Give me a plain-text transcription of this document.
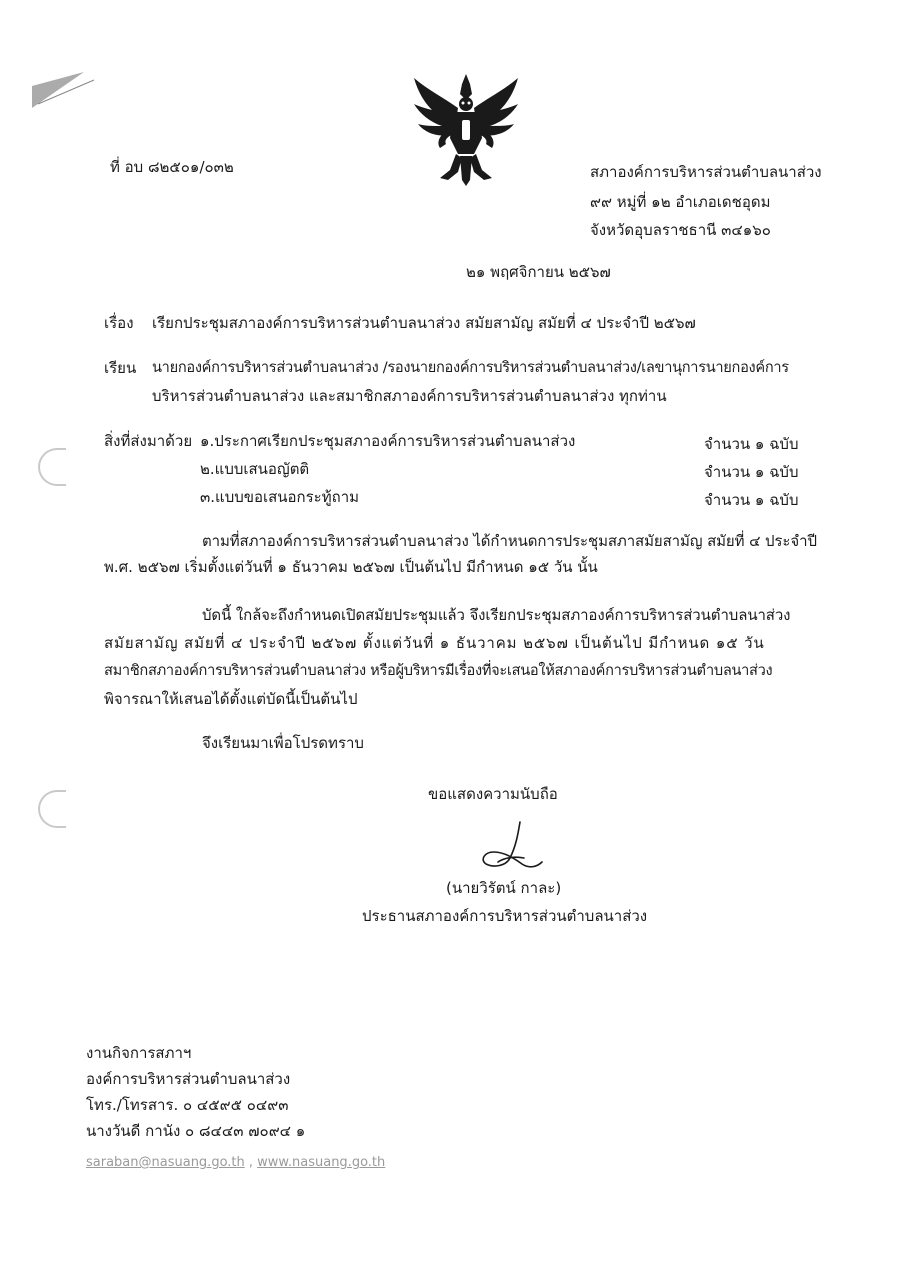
ที่ อบ ๘๒๕๐๑/๐๓๒	สภาองค์การบริหารส่วนตำบลนาส่วง
๙๙ หมู่ที่ ๑๒ อำเภอเดชอุดม
จังหวัดอุบลราชธานี ๓๔๑๖๐
๒๑ พฤศจิกายน ๒๕๖๗
เรื่อง เรียกประชุมสภาองค์การบริหารส่วนตำบลนาส่วง สมัยสามัญ สมัยที่ ๔ ประจำปี ๒๕๖๗
เรียน นายกองค์การบริหารส่วนตำบลนาส่วง /รองนายกองค์การบริหารส่วนตำบลนาส่วง/เลขานุการนายกองค์การ
บริหารส่วนตำบลนาส่วง และสมาชิกสภาองค์การบริหารส่วนตำบลนาส่วง ทุกท่าน
สิ่งที่ส่งมาด้วย ๑.ประกาศเรียกประชุมสภาองค์การบริหารส่วนตำบลนาส่วง	จำนวน ๑ ฉบับ
๒.แบบเสนอญัตติ	จำนวน ๑ ฉบับ
๓.แบบขอเสนอกระทู้ถาม	จำนวน ๑ ฉบับ
ตามที่สภาองค์การบริหารส่วนตำบลนาส่วง ได้กำหนดการประชุมสภาสมัยสามัญ สมัยที่ ๔ ประจำปี
พ.ศ. ๒๕๖๗ เริ่มตั้งแต่วันที่ ๑ ธันวาคม ๒๕๖๗ เป็นต้นไป มีกำหนด ๑๕ วัน นั้น
บัดนี้ ใกล้จะถึงกำหนดเปิดสมัยประชุมแล้ว จึงเรียกประชุมสภาองค์การบริหารส่วนตำบลนาส่วง
สมัยสามัญ สมัยที่ ๔ ประจำปี ๒๕๖๗ ตั้งแต่วันที่ ๑ ธันวาคม ๒๕๖๗ เป็นต้นไป มีกำหนด ๑๕ วัน
สมาชิกสภาองค์การบริหารส่วนตำบลนาส่วง หรือผู้บริหารมีเรื่องที่จะเสนอให้สภาองค์การบริหารส่วนตำบลนาส่วง
พิจารณาให้เสนอได้ตั้งแต่บัดนี้เป็นต้นไป
จึงเรียนมาเพื่อโปรดทราบ
ขอแสดงความนับถือ
(นายวิรัตน์ กาละ)
ประธานสภาองค์การบริหารส่วนตำบลนาส่วง
งานกิจการสภาฯ
องค์การบริหารส่วนตำบลนาส่วง
โทร./โทรสาร. ๐ ๔๕๙๕ ๐๔๙๓
นางวันดี กานัง ๐ ๘๔๔๓ ๗๐๙๔ ๑
saraban@nasuang.go.th , www.nasuang.go.th
